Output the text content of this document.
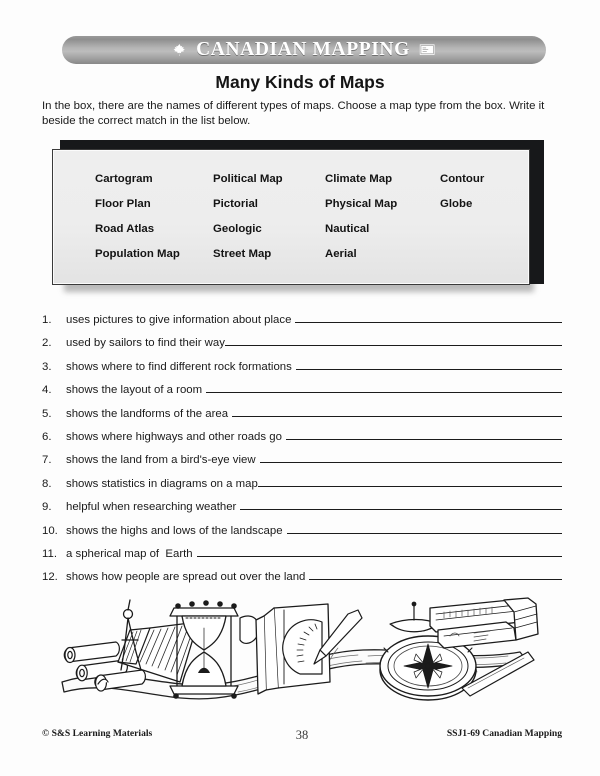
CANADIAN MAPPING
Many Kinds of Maps
In the box, there are the names of different types of maps. Choose a map type from the box. Write it beside the correct match in the list below.
Cartogram	Political Map	Climate Map	Contour
Floor Plan	Pictorial	Physical Map	Globe
Road Atlas	Geologic	Nautical
Population Map	Street Map	Aerial
1.	uses pictures to give information about place
2.	used by sailors to find their way
3.	shows where to find different rock formations
4.	shows the layout of a room
5.	shows the landforms of the area
6.	shows where highways and other roads go
7.	shows the land from a bird's-eye view
8.	shows statistics in diagrams on a map
9.	helpful when researching weather
10. shows the highs and lows of the landscape
11. a spherical map of  Earth
12. shows how people are spread out over the land
© S&S Learning Materials	38	SSJ1-69 Canadian Mapping
